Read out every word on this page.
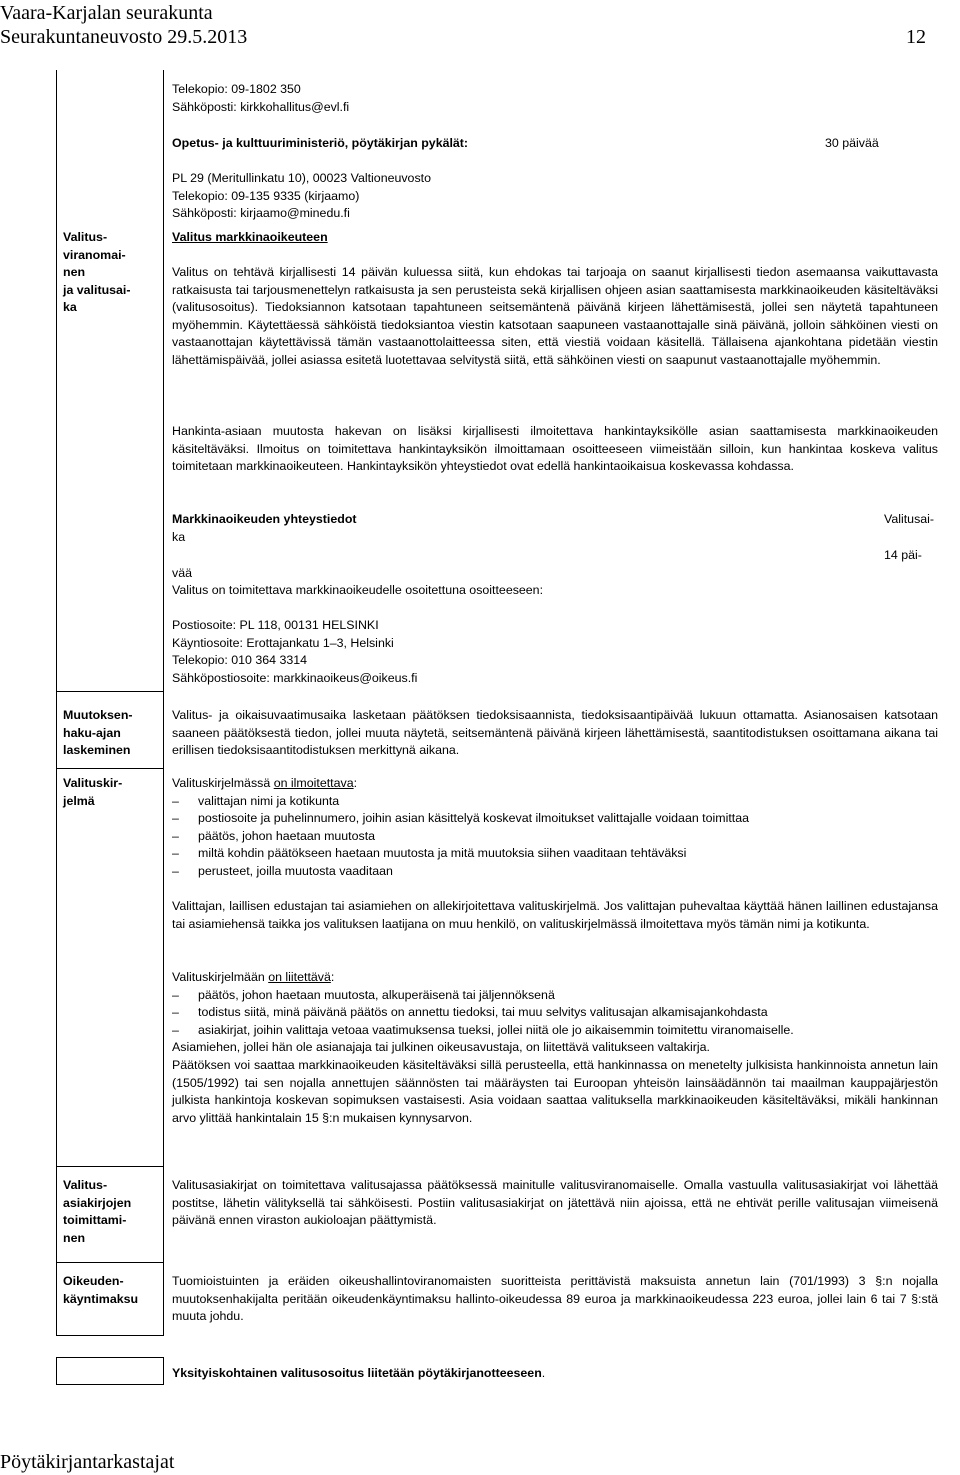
Vaara-Karjalan seurakunta
Seurakuntaneuvosto 29.5.2013	12

Telekopio: 09-1802 350

Sähköposti: kirkkohallitus@evl.fi

Opetus- ja kulttuuriministeriö, pöytäkirjan pykälät:	30 päivää

PL 29 (Meritullinkatu 10), 00023 Valtioneuvosto

Telekopio: 09-135 9335 (kirjaamo)

Sähköposti: kirjaamo@minedu.fi

Valitus-
viranomai-
nen
ja valitusai-
ka
Valitus markkinaoikeuteen
Valitus on tehtävä kirjallisesti 14 päivän kuluessa siitä, kun ehdokas tai tarjoaja on saanut kirjallisesti tiedon asemaansa vaikuttavasta ratkaisusta tai tarjousmenettelyn ratkaisusta ja sen perusteista sekä kirjallisen ohjeen asian saattamisesta markkinaoikeuden käsiteltäväksi (valitusosoitus). Tiedoksiannon katsotaan tapahtuneen seitsemäntenä päivänä kirjeen lähettämisestä, jollei sen näytetä tapahtuneen myöhemmin. Käytettäessä sähköistä tiedoksiantoa viestin katsotaan saapuneen vastaanottajalle sinä päivänä, jolloin sähköinen viesti on vastaanottajan käytettävissä tämän vastaanottolaitteessa siten, että viestiä voidaan käsitellä. Tällaisena ajankohtana pidetään viestin lähettämispäivää, jollei asiassa esitetä luotettavaa selvitystä siitä, että sähköinen viesti on saapunut vastaanottajalle myöhemmin.
Hankinta-asiaan muutosta hakevan on lisäksi kirjallisesti ilmoitettava hankintayksikölle asian saattamisesta markkinaoikeuden käsiteltäväksi. Ilmoitus on toimitettava hankintayksikön ilmoittamaan osoitteeseen viimeistään silloin, kun hankintaa koskeva valitus toimitetaan markkinaoikeuteen. Hankintayksikön yhteystiedot ovat edellä hankintaoikaisua koskevassa kohdassa.
Markkinaoikeuden yhteystiedot
ka
Valitusai-
14 päi-
vää
Valitus on toimitettava markkinaoikeudelle osoitettuna osoitteeseen:

Postiosoite: PL 118, 00131 HELSINKI

Käyntiosoite: Erottajankatu 1–3, Helsinki

Telekopio: 010 364 3314

Sähköpostiosoite: markkinaoikeus@oikeus.fi

Muutoksen-
haku-ajan
laskeminen
Valitus- ja oikaisuvaatimusaika lasketaan päätöksen tiedoksisaannista, tiedoksisaantipäivää lukuun ottamatta. Asianosaisen katsotaan saaneen päätöksestä tiedon, jollei muuta näytetä, seitsemäntenä päivänä kirjeen lähettämisestä, saantitodistuksen osoittamana aikana tai erillisen tiedoksisaantitodistuksen merkittynä aikana.
Valituskir-
jelmä

Valituskirjelmässä on ilmoitettava:

– valittajan nimi ja kotikunta

– postiosoite ja puhelinnumero, joihin asian käsittelyä koskevat ilmoitukset valittajalle voidaan toimittaa

– päätös, johon haetaan muutosta

– miltä kohdin päätökseen haetaan muutosta ja mitä muutoksia siihen vaaditaan tehtäväksi

– perusteet, joilla muutosta vaaditaan

Valittajan, laillisen edustajan tai asiamiehen on allekirjoitettava valituskirjelmä. Jos valittajan puhevaltaa käyttää hänen laillinen edustajansa tai asiamiehensä taikka jos valituksen laatijana on muu henkilö, on valituskirjelmässä ilmoitettava myös tämän nimi ja kotikunta.

Valituskirjelmään on liitettävä:

– päätös, johon haetaan muutosta, alkuperäisenä tai jäljennöksenä

– todistus siitä, minä päivänä päätös on annettu tiedoksi, tai muu selvitys valitusajan alkamisajankohdasta

– asiakirjat, joihin valittaja vetoaa vaatimuksensa tueksi, jollei niitä ole jo aikaisemmin toimitettu viranomaiselle.

Asiamiehen, jollei hän ole asianajaja tai julkinen oikeusavustaja, on liitettävä valitukseen valtakirja.

Päätöksen voi saattaa markkinaoikeuden käsiteltäväksi sillä perusteella, että hankinnassa on menetelty julkisista hankinnoista annetun lain (1505/1992) tai sen nojalla annettujen säännösten tai määräysten tai Euroopan yhteisön lainsäädännön tai maailman kauppajärjestön julkista hankintoja koskevan sopimuksen vastaisesti. Asia voidaan saattaa valituksella markkinaoikeuden käsiteltäväksi, mikäli hankinnan arvo ylittää hankintalain 15 §:n mukaisen kynnysarvon.

Valitus-
asiakirjojen
toimittami-
nen
Valitusasiakirjat on toimitettava valitusajassa päätöksessä mainitulle valitusviranomaiselle. Omalla vastuulla valitusasiakirjat voi lähettää postitse, lähetin välityksellä tai sähköisesti. Postiin valitusasiakirjat on jätettävä niin ajoissa, että ne ehtivät perille valitusajan viimeisenä päivänä ennen viraston aukioloajan päättymistä.
Oikeuden-
käyntimaksu
Tuomioistuinten ja eräiden oikeushallintoviranomaisten suoritteista perittävistä maksuista annetun lain (701/1993) 3 §:n nojalla muutoksenhakijalta peritään oikeudenkäyntimaksu hallinto-oikeudessa 89 euroa ja markkinaoikeudessa 223 euroa, jollei lain 6 tai 7 §:stä muuta johdu.
Yksityiskohtainen valitusosoitus liitetään pöytäkirjanotteeseen.
Pöytäkirjantarkastajat
